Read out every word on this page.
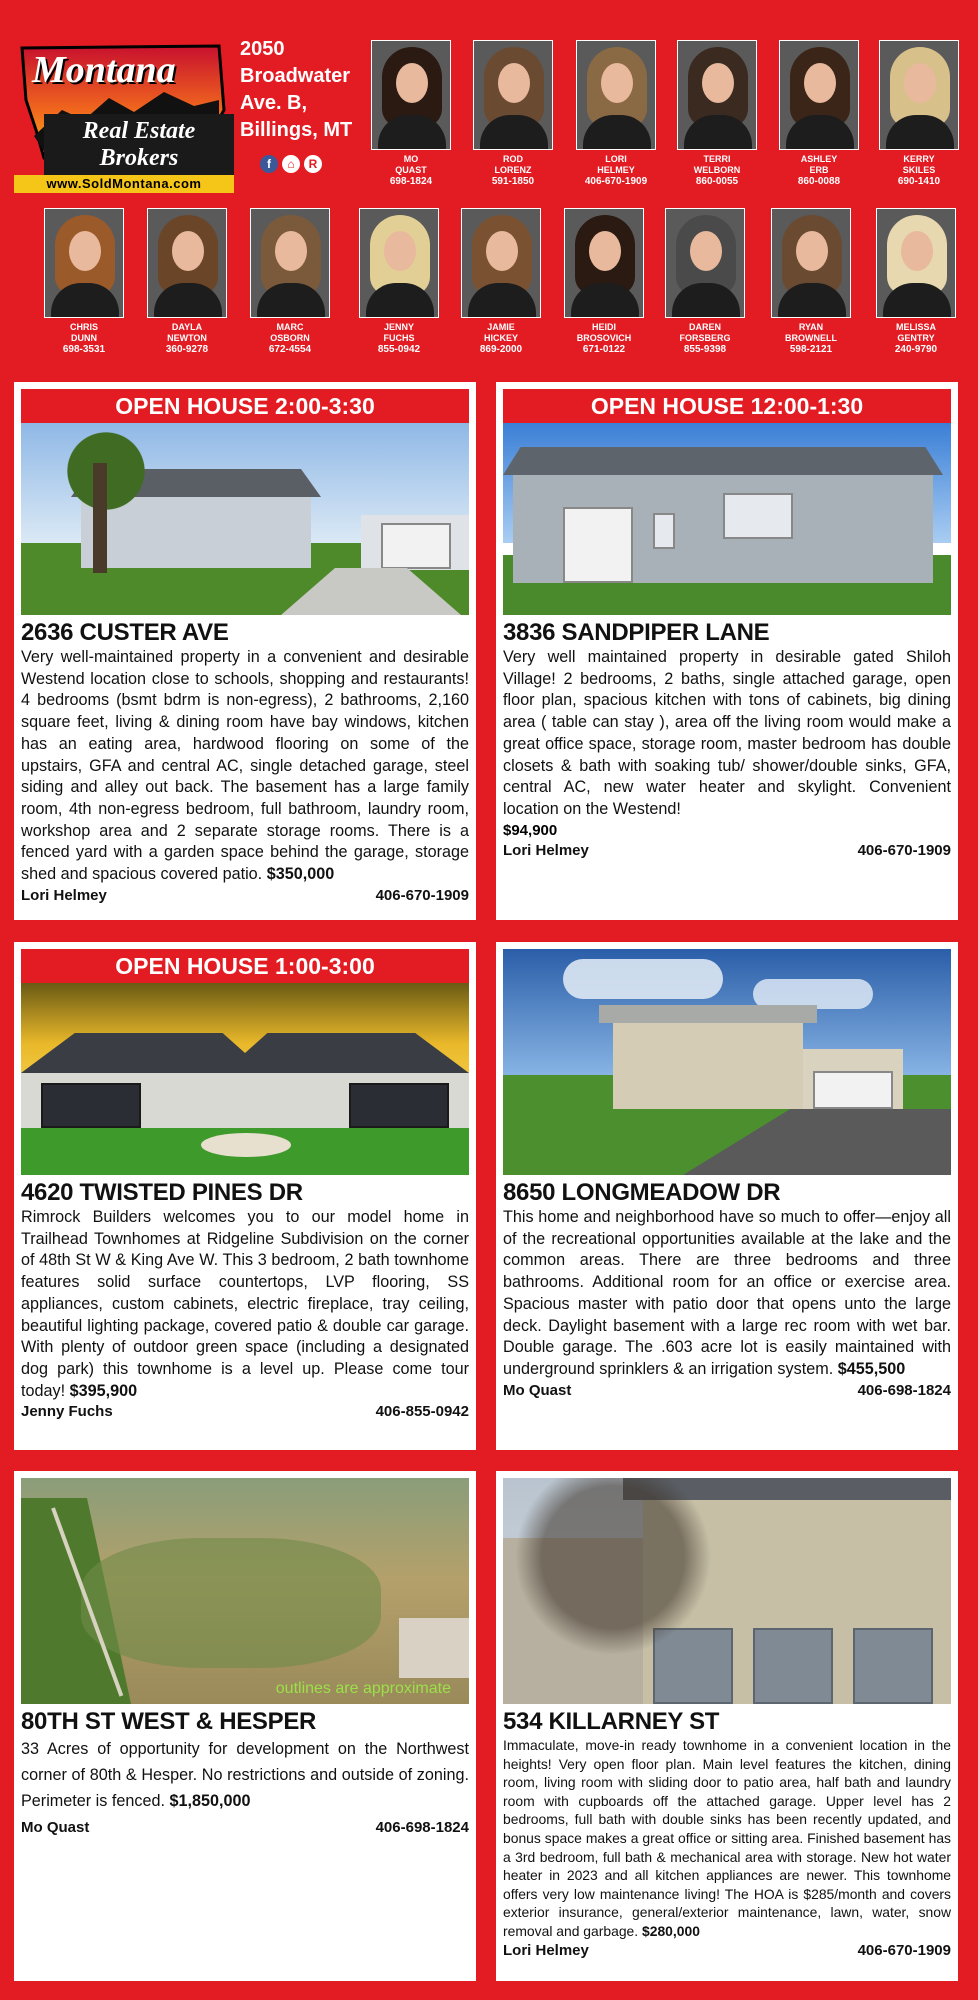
Montana
Real Estate Brokers
www.SoldMontana.com
2050
Broadwater
Ave. B,
Billings, MT
f	⌂	R	MO
QUAST
698-1824
ROD
LORENZ
591-1850
LORI
HELMEY
406-670-1909
TERRI
WELBORN
860-0055
ASHLEY
ERB
860-0088
KERRY
SKILES
690-1410
CHRIS
DUNN
698-3531
DAYLA
NEWTON
360-9278
MARC
OSBORN
672-4554
JENNY
FUCHS
855-0942
JAMIE
HICKEY
869-2000
HEIDI
BROSOVICH
671-0122
DAREN
FORSBERG
855-9398
RYAN
BROWNELL
598-2121
MELISSA
GENTRY
240-9790
OPEN HOUSE 2:00-3:30
2636 CUSTER AVE
Very well-maintained property in a convenient and desirable Westend location close to schools, shopping and restaurants! 4 bedrooms (bsmt bdrm is non-egress), 2 bathrooms, 2,160 square feet, living & dining room have bay windows, kitchen has an eating area, hardwood flooring on some of the upstairs, GFA and central AC, single detached garage, steel siding and alley out back. The basement has a large family room, 4th non-egress bedroom, full bathroom, laundry room, workshop area and 2 separate storage rooms. There is a fenced yard with a garden space behind the garage, storage shed and spacious covered patio. $350,000
Lori Helmey	406-670-1909
OPEN HOUSE 12:00-1:30
3836 SANDPIPER LANE
Very well maintained property in desirable gated Shiloh Village! 2 bedrooms, 2 baths, single attached garage, open floor plan, spacious kitchen with tons of cabinets, big dining area ( table can stay ), area off the living room would make a great office space, storage room, master bedroom has double closets & bath with soaking tub/ shower/double sinks, GFA, central AC, new water heater and skylight. Convenient location on the Westend!
$94,900
Lori Helmey	406-670-1909
OPEN HOUSE 1:00-3:00
4620 TWISTED PINES DR
Rimrock Builders welcomes you to our model home in Trailhead Townhomes at Ridgeline Subdivision on the corner of 48th St W & King Ave W. This 3 bedroom, 2 bath townhome features solid surface countertops, LVP flooring, SS appliances, custom cabinets, electric fireplace, tray ceiling, beautiful lighting package, covered patio & double car garage. With plenty of outdoor green space (including a designated dog park) this townhome is a level up. Please come tour today! $395,900
Jenny Fuchs	406-855-0942
8650 LONGMEADOW DR
This home and neighborhood have so much to offer—enjoy all of the recreational opportunities available at the lake and the common areas. There are three bedrooms and three bathrooms. Additional room for an office or exercise area. Spacious master with patio door that opens unto the large deck. Daylight basement with a large rec room with wet bar. Double garage. The .603 acre lot is easily maintained with underground sprinklers & an irrigation system. $455,500
Mo Quast	406-698-1824
outlines are approximate
80TH ST WEST & HESPER
33 Acres of opportunity for development on the Northwest corner of 80th & Hesper. No restrictions and outside of zoning. Perimeter is fenced. $1,850,000
Mo Quast	406-698-1824
534 KILLARNEY ST
Immaculate, move-in ready townhome in a convenient location in the heights! Very open floor plan. Main level features the kitchen, dining room, living room with sliding door to patio area, half bath and laundry room with cupboards off the attached garage. Upper level has 2 bedrooms, full bath with double sinks has been recently updated, and bonus space makes a great office or sitting area. Finished basement has a 3rd bedroom, full bath & mechanical area with storage. New hot water heater in 2023 and all kitchen appliances are newer. This townhome offers very low maintenance living! The HOA is $285/month and covers exterior insurance, general/exterior maintenance, lawn, water, snow removal and garbage. $280,000
Lori Helmey	406-670-1909
